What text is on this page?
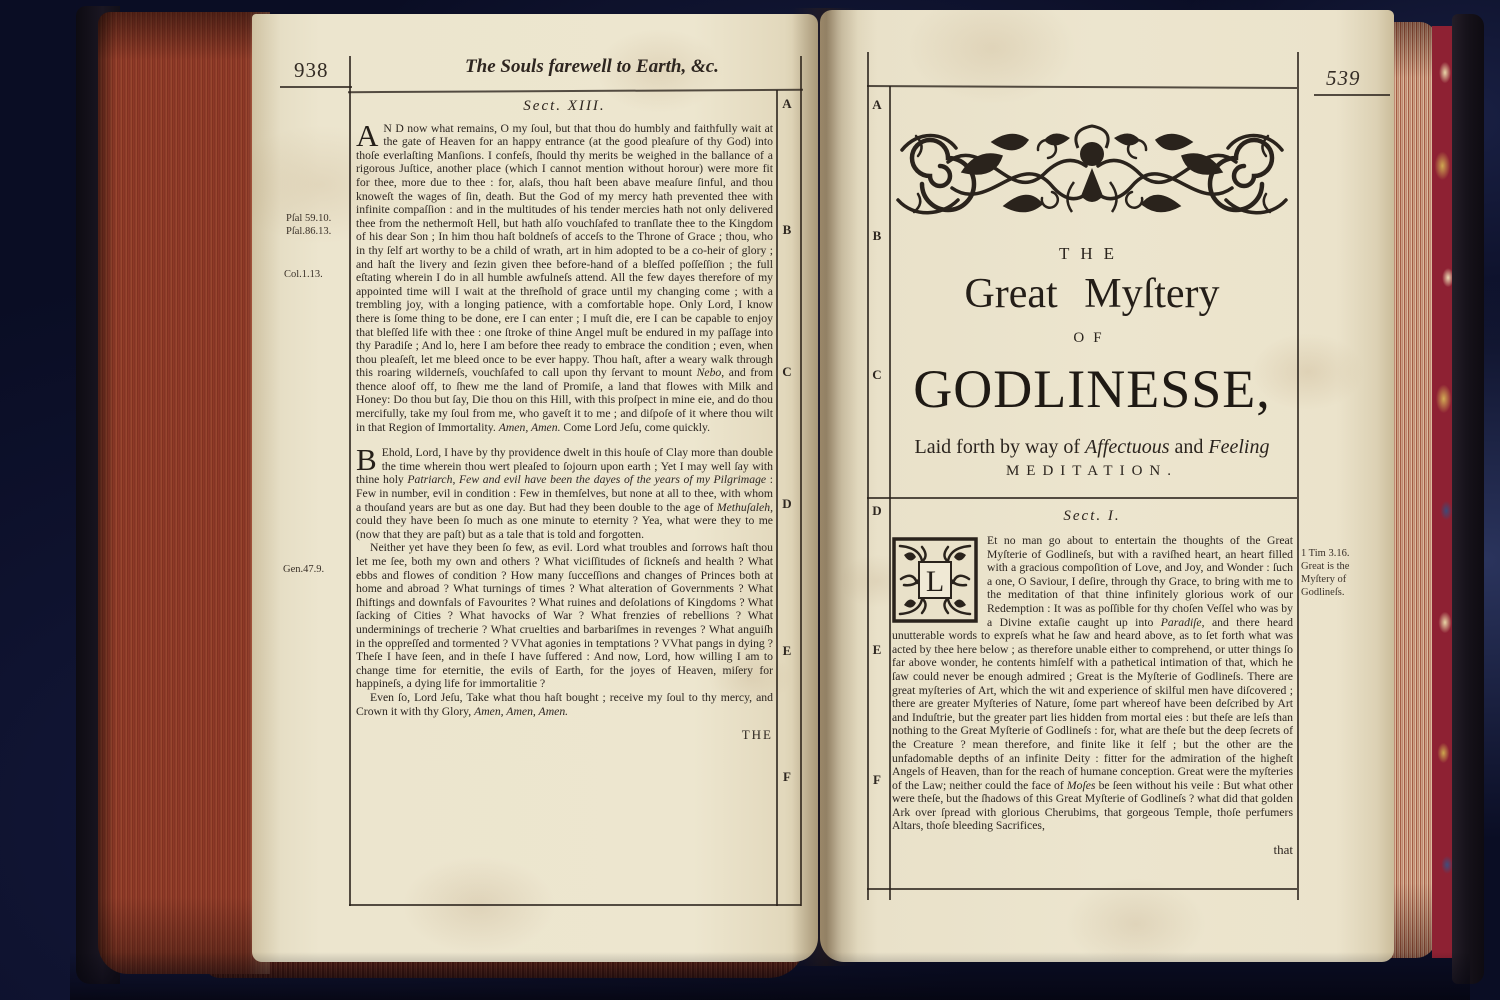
938	The Souls farewell to Earth, &c.
A
B
C
D
E
F
Pſal 59.10.
Pſal.86.13.
Col.1.13.
Gen.47.9.
Sect. XIII.

A N D now what remains, O my ſoul, but that thou do humbly and faithfully wait at the gate of Heaven for an happy entrance (at the good pleaſure of thy God) into thoſe everlaſting Manſions. I confeſs, ſhould thy merits be weighed in the ballance of a rigorous Juſtice, another place (which I cannot mention without horour) were more fit for thee, more due to thee : for, alaſs, thou haſt been abave meaſure ſinful, and thou knoweſt the wages of ſin, death. But the God of my mercy hath prevented thee with infinite compaſſion : and in the multitudes of his tender mercies hath not only delivered thee from the nethermoſt Hell, but hath alſo vouchſafed to tranſlate thee to the Kingdom of his dear Son ; In him thou haſt boldneſs of acceſs to the Throne of Grace ; thou, who in thy ſelf art worthy to be a child of wrath, art in him adopted to be a co-heir of glory ; and haſt the livery and ſezin given thee before-hand of a bleſſed poſſeſſion ; the full eſtating wherein I do in all humble awfulneſs attend. All the few dayes therefore of my appointed time will I wait at the threſhold of grace until my changing come ; with a trembling joy, with a longing patience, with a comfortable hope. Only Lord, I know there is ſome thing to be done, ere I can enter ; I muſt die, ere I can be capable to enjoy that bleſſed life with thee : one ſtroke of thine Angel muſt be endured in my paſſage into thy Paradiſe ; And lo, here I am before thee ready to embrace the condition ; even, when thou pleaſeſt, let me bleed once to be ever happy. Thou haſt, after a weary walk through this roaring wilderneſs, vouchſafed to call upon thy ſervant to mount Nebo, and from thence aloof off, to ſhew me the land of Promiſe, a land that flowes with Milk and Honey: Do thou but ſay, Die thou on this Hill, with this proſpect in mine eie, and do thou mercifully, take my ſoul from me, who gaveſt it to me ; and diſpoſe of it where thou wilt in that Region of Immortality. Amen, Amen. Come Lord Jeſu, come quickly.

B Ehold, Lord, I have by thy providence dwelt in this houſe of Clay more than double the time wherein thou wert pleaſed to ſojourn upon earth ; Yet I may well ſay with thine holy Patriarch, Few and evil have been the dayes of the years of my Pilgrimage : Few in number, evil in condition : Few in themſelves, but none at all to thee, with whom a thouſand years are but as one day. But had they been double to the age of Methuſaleh, could they have been ſo much as one minute to eternity ? Yea, what were they to me (now that they are paſt) but as a tale that is told and forgotten.

Neither yet have they been ſo few, as evil. Lord what troubles and ſorrows haſt thou let me ſee, both my own and others ? What viciſſitudes of ſickneſs and health ? What ebbs and flowes of condition ? How many ſucceſſions and changes of Princes both at home and abroad ? What turnings of times ? What alteration of Governments ? What ſhiftings and downfals of Favourites ? What ruines and deſolations of Kingdoms ? What ſacking of Cities ? What havocks of War ? What frenzies of rebellions ? What underminings of trecherie ? What cruelties and barbariſmes in revenges ? What anguiſh in the oppreſſed and tormented ? VVhat agonies in temptations ? VVhat pangs in dying ? Theſe I have ſeen, and in theſe I have ſuffered : And now, Lord, how willing I am to change time for eternitie, the evils of Earth, for the joyes of Heaven, miſery for happineſs, a dying life for immortalitie ?

Even ſo, Lord Jeſu, Take what thou haſt bought ; receive my ſoul to thy mercy, and Crown it with thy Glory, Amen, Amen, Amen.

THE
539
A
B
C
D
E
F
THE
Great Myſtery
OF
GODLINESSE,
Laid forth by way of Affectuous and Feeling
MEDITATION.
Sect. I.
L

Et no man go about to entertain the thoughts of the Great Myſterie of Godlineſs, but with a raviſhed heart, an heart filled with a gracious compoſition of Love, and Joy, and Wonder : ſuch a one, O Saviour, I deſire, through thy Grace, to bring with me to the meditation of that thine infinitely glorious work of our Redemption : It was as poſſible for thy choſen Veſſel who was by a Divine extaſie caught up into Paradiſe, and there heard unutterable words to expreſs what he ſaw and heard above, as to ſet forth what was acted by thee here below ; as therefore unable either to comprehend, or utter things ſo far above wonder, he contents himſelf with a pathetical intimation of that, which he ſaw could never be enough admired ; Great is the Myſterie of Godlineſs. There are great myſteries of Art, which the wit and experience of skilful men have diſcovered ; there are greater Myſteries of Nature, ſome part whereof have been deſcribed by Art and Induſtrie, but the greater part lies hidden from mortal eies : but theſe are leſs than nothing to the Great Myſterie of Godlineſs : for, what are theſe but the deep ſecrets of the Creature ? mean therefore, and finite like it ſelf ; but the other are the unfadomable depths of an infinite Deity : fitter for the admiration of the higheſt Angels of Heaven, than for the reach of humane conception. Great were the myſteries of the Law; neither could the face of Moſes be ſeen without his veile : But what other were theſe, but the ſhadows of this Great Myſterie of Godlineſs ? what did that golden Ark over ſpread with glorious Cherubims, that gorgeous Temple, thoſe perfumers Altars, thoſe bleeding Sacrifices,

that
1 Tim 3.16.
Great is the
Myſtery of
Godlineſs.
